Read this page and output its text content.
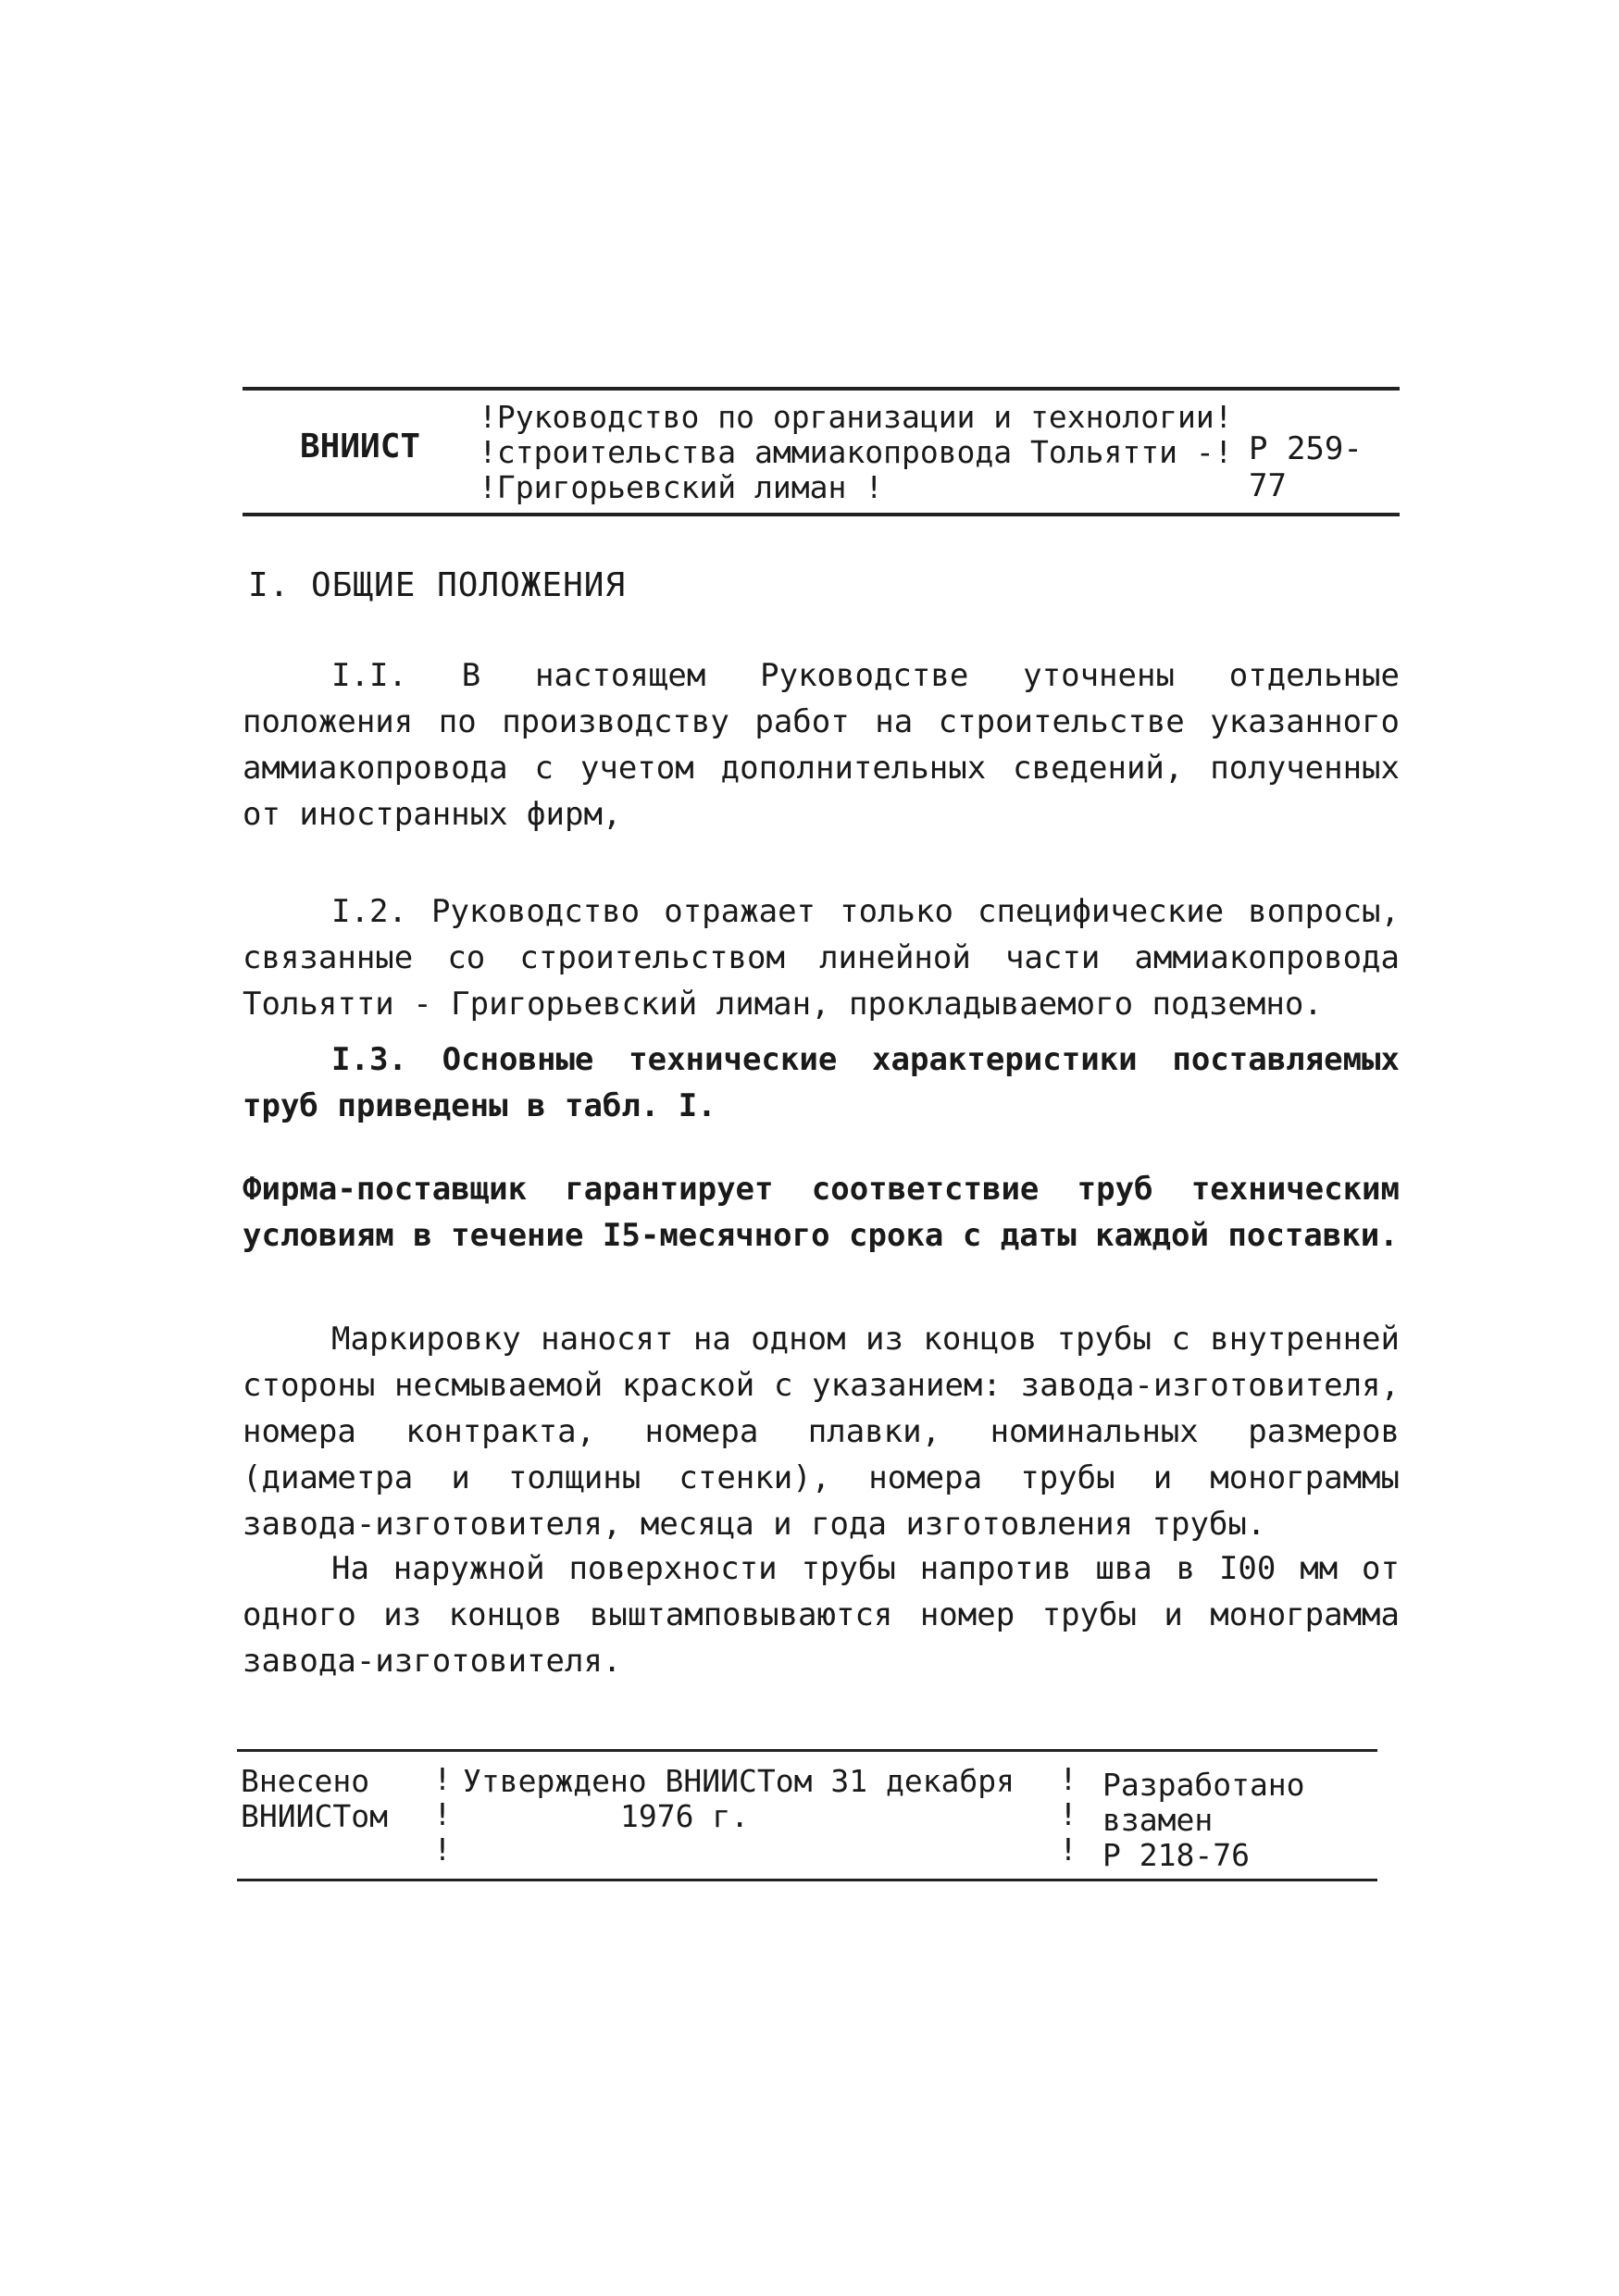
ВНИИСТ
!Руководство по организации и технологии!
!строительства аммиакопровода Тольятти -!
!Григорьевский лиман !
Р 259-77
I. ОБЩИЕ ПОЛОЖЕНИЯ
I.I. В настоящем Руководстве уточнены отдельные положения по производству работ на строительстве указанного аммиакопровода с учетом дополнительных сведений, полученных от иностранных фирм,
I.2. Руководство отражает только специфические вопросы, связанные со строительством линейной части аммиакопровода Тольятти - Григорьевский лиман, прокладываемого подземно.
I.3. Основные технические характеристики поставляемых труб приведены в табл. I.
Фирма-поставщик гарантирует соответствие труб техническим условиям в течение I5-месячного срока с даты каждой поставки.
Маркировку наносят на одном из концов трубы с внутренней стороны несмываемой краской с указанием: завода-изготовителя, номера контракта, номера плавки, номинальных размеров (диаметра и толщины стенки), номера трубы и монограммы завода-изготовителя, месяца и года изготовления трубы.
На наружной поверхности трубы напротив шва в I00 мм от одного из концов выштамповываются номер трубы и монограмма завода-изготовителя.
Внесено
ВНИИСТом
!
!
!
Утверждено ВНИИСТом 31 декабря
1976 г.
!
!
!
Разработано
взамен
Р 218-76
